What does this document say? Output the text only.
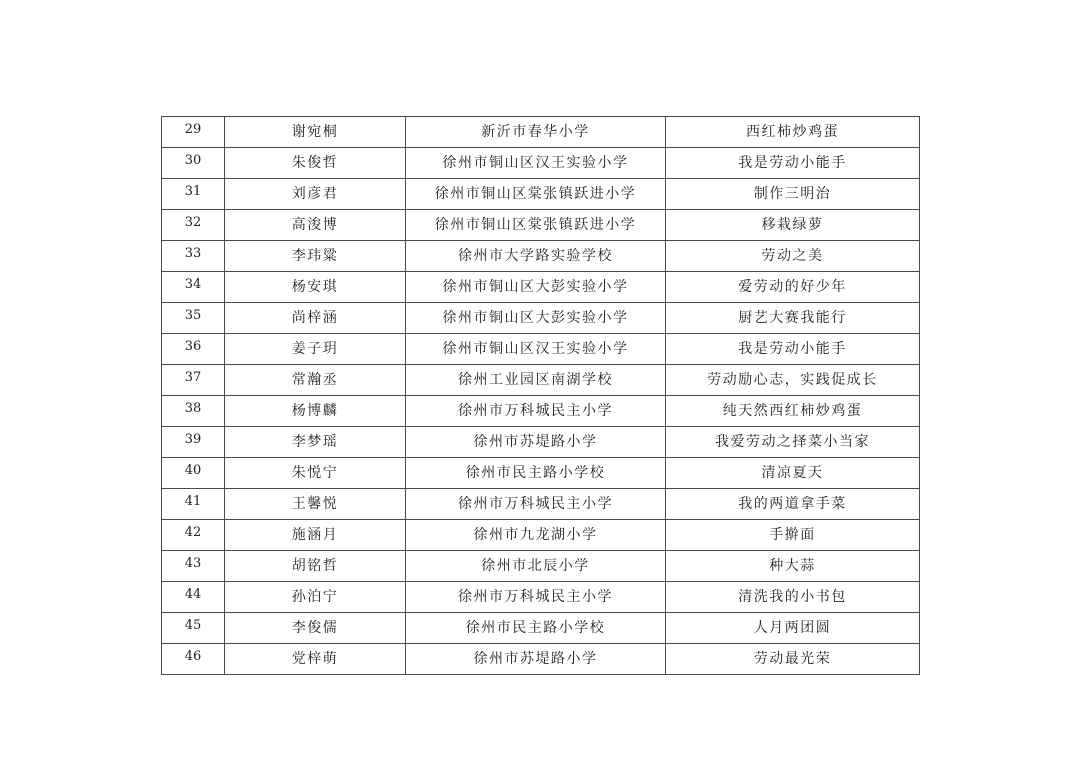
29	谢宛桐	新沂市春华小学	西红柿炒鸡蛋
30	朱俊哲	徐州市铜山区汉王实验小学	我是劳动小能手
31	刘彦君	徐州市铜山区棠张镇跃进小学	制作三明治
32	高浚博	徐州市铜山区棠张镇跃进小学	移栽绿萝
33	李玮粱	徐州市大学路实验学校	劳动之美
34	杨安琪	徐州市铜山区大彭实验小学	爱劳动的好少年
35	尚梓涵	徐州市铜山区大彭实验小学	厨艺大赛我能行
36	姜子玥	徐州市铜山区汉王实验小学	我是劳动小能手
37	常瀚丞	徐州工业园区南湖学校	劳动励心志，实践促成长
38	杨博麟	徐州市万科城民主小学	纯天然西红柿炒鸡蛋
39	李梦瑶	徐州市苏堤路小学	我爱劳动之择菜小当家
40	朱悦宁	徐州市民主路小学校	清凉夏天
41	王馨悦	徐州市万科城民主小学	我的两道拿手菜
42	施涵月	徐州市九龙湖小学	手擀面
43	胡铭哲	徐州市北辰小学	种大蒜
44	孙泊宁	徐州市万科城民主小学	清洗我的小书包
45	李俊儒	徐州市民主路小学校	人月两团圆
46	党梓萌	徐州市苏堤路小学	劳动最光荣
